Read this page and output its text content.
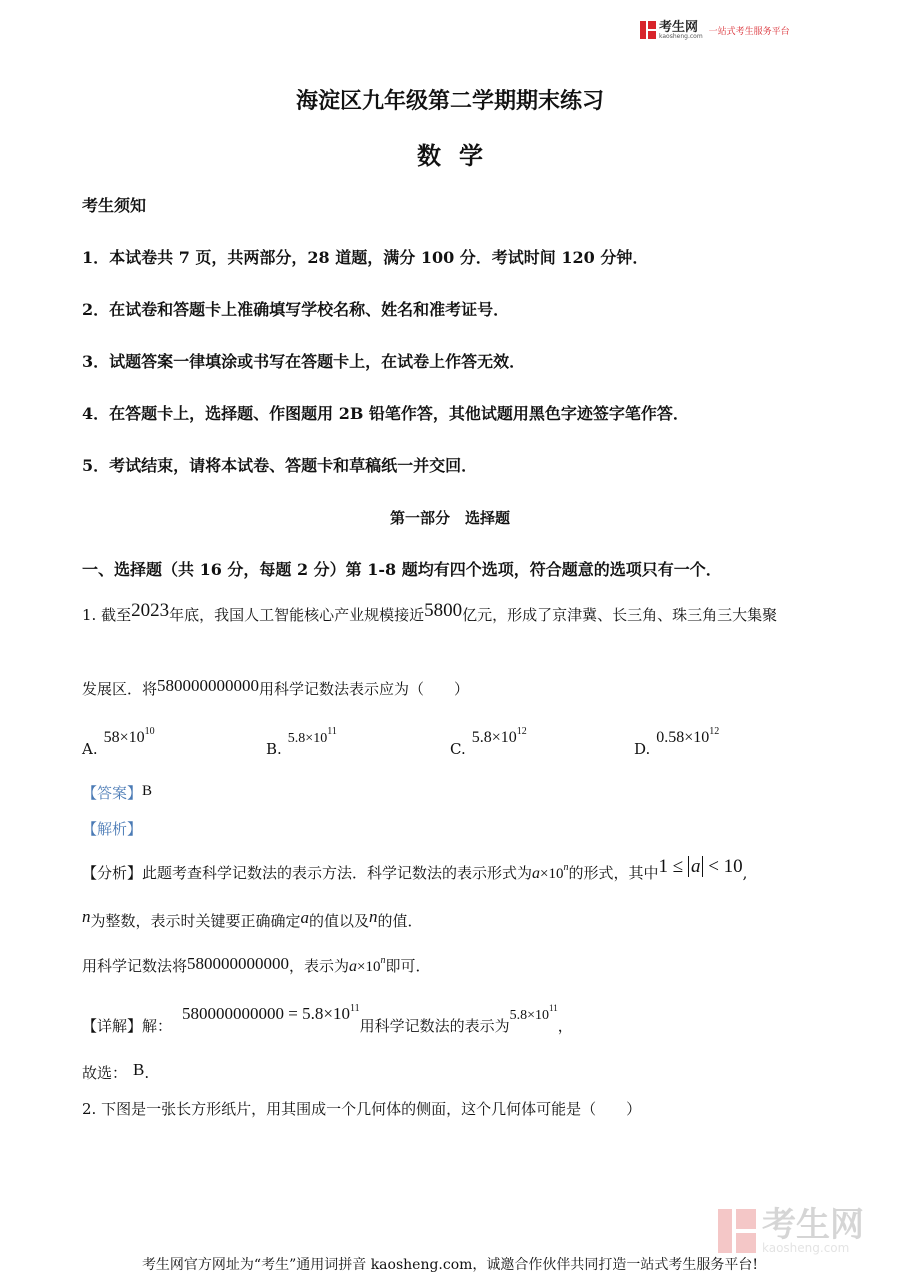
考生网
kaosheng.com 一站式考生服务平台
海淀区九年级第二学期期末练习
数学
考生须知
1．本试卷共 7 页，共两部分，28 道题，满分 100 分．考试时间 120 分钟．
2．在试卷和答题卡上准确填写学校名称、姓名和准考证号．
3．试题答案一律填涂或书写在答题卡上，在试卷上作答无效．
4．在答题卡上，选择题、作图题用 2B 铅笔作答，其他试题用黑色字迹签字笔作答．
5．考试结束，请将本试卷、答题卡和草稿纸一并交回．
第一部分　选择题
一、选择题（共 16 分，每题 2 分）第 1-8 题均有四个选项，符合题意的选项只有一个．
1. 截至2023年底，我国人工智能核心产业规模接近5800亿元，形成了京津冀、长三角、珠三角三大集聚
发展区．将580000000000用科学记数法表示应为（　　）
$A.58\times 10^{10}$
$B.5.8\times 10^{11}$
$C.5.8\times 10^{12}$
$D.0.58\times 10^{12}$
【答案】B
【解析】
【分析】此题考查科学记数法的表示方法．科学记数法的表示形式为$a\times 10^n$的形式，其中1 ≤ a < 10,
n为整数，表示时关键要正确确定a的值以及n的值．
用科学记数法将580000000000，表示为$a\times 10^n$即可．
【详解】解：$580000000000 = 5.8\times 10^{11}$用科学记数法的表示为$5.8\times 10^{11}$，
故选： B.
2. 下图是一张长方形纸片，用其围成一个几何体的侧面，这个几何体可能是（　　）
考生网
kaosheng.com
考生网官方网址为“考生”通用词拼音 kaosheng.com，诚邀合作伙伴共同打造一站式考生服务平台!
